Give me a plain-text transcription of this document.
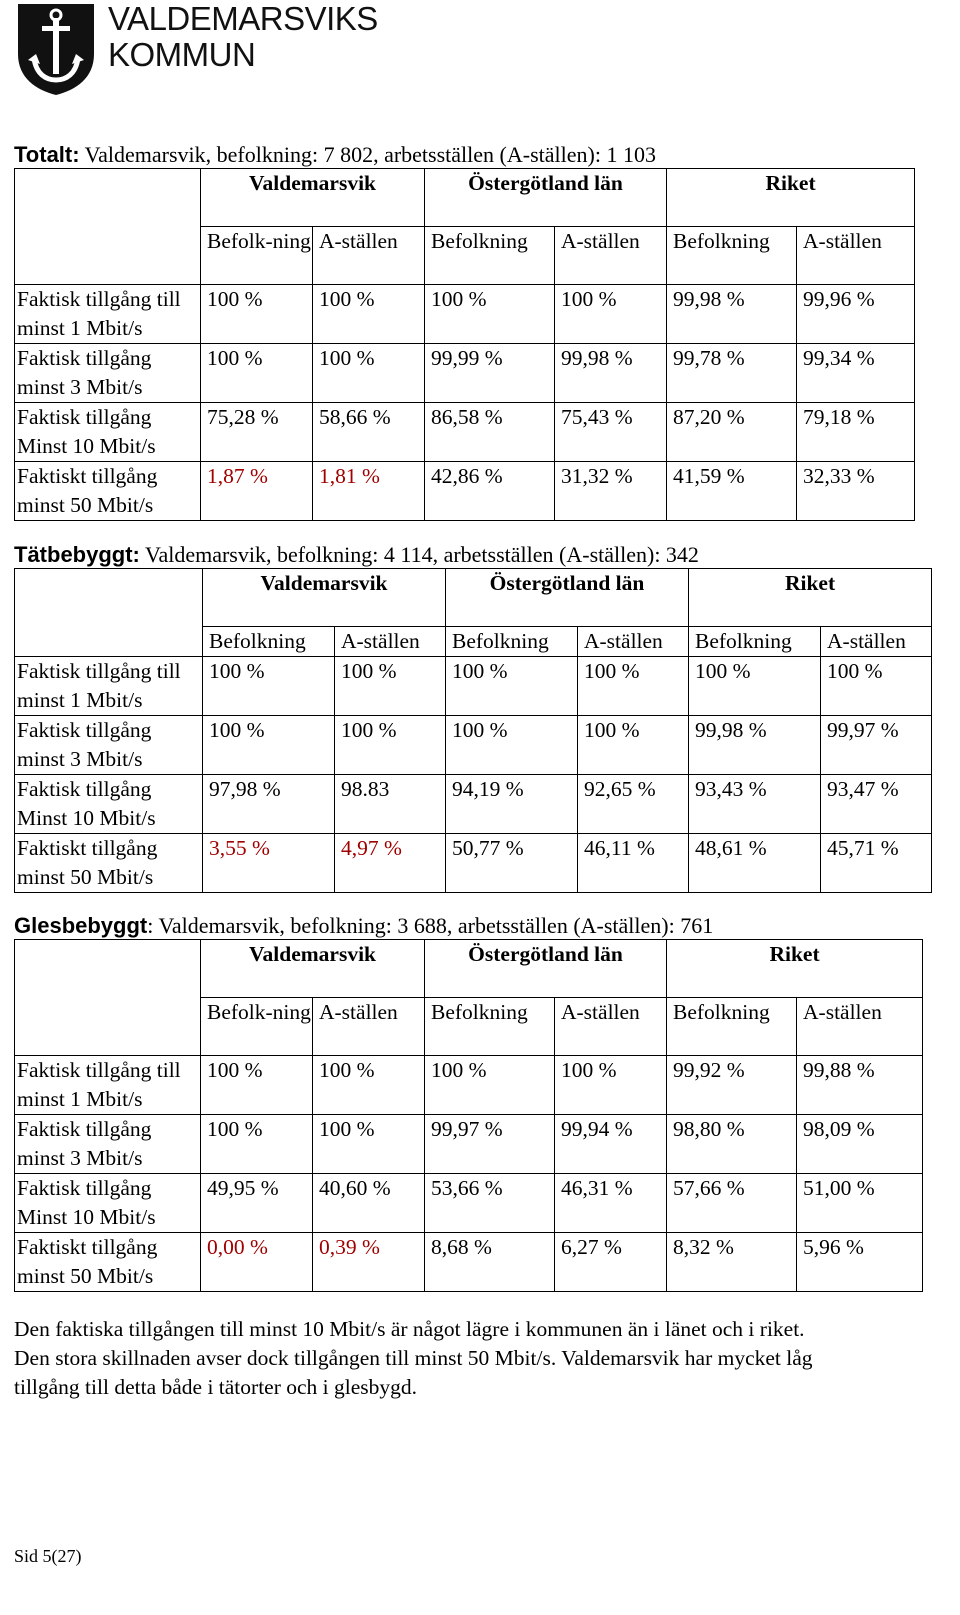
VALDEMARSVIKS
KOMMUN
Totalt: Valdemarsvik, befolkning: 7 802, arbetsställen (A-ställen): 1 103
	Valdemarsvik		Östergötland län		Riket	
	Befolk-ning	A-ställen	Befolkning	A-ställen	Befolkning	A-ställen
Faktisk tillgång till minst 1 Mbit/s	100 %	100 %	100 %	100 %	99,98 %	99,96 %
Faktisk tillgång minst 3 Mbit/s	100 %	100 %	99,99 %	99,98 %	99,78 %	99,34 %
Faktisk tillgång Minst 10 Mbit/s	75,28 %	58,66 %	86,58 %	75,43 %	87,20 %	79,18 %
Faktiskt tillgång minst 50 Mbit/s	1,87 %	1,81 %	42,86 %	31,32 %	41,59 %	32,33 %
Tätbebyggt: Valdemarsvik, befolkning: 4 114, arbetsställen (A-ställen): 342
	Valdemarsvik		Östergötland län		Riket	
	Befolkning	A-ställen	Befolkning	A-ställen	Befolkning	A-ställen
Faktisk tillgång till minst 1 Mbit/s	100 %	100 %	100 %	100 %	100 %	100 %
Faktisk tillgång minst 3 Mbit/s	100 %	100 %	100 %	100 %	99,98 %	99,97 %
Faktisk tillgång Minst 10 Mbit/s	97,98 %	98.83	94,19 %	92,65 %	93,43 %	93,47 %
Faktiskt tillgång minst 50 Mbit/s	3,55 %	4,97 %	50,77 %	46,11 %	48,61 %	45,71 %
Glesbebyggt: Valdemarsvik, befolkning: 3 688, arbetsställen (A-ställen): 761
	Valdemarsvik		Östergötland län		Riket	
	Befolk-ning	A-ställen	Befolkning	A-ställen	Befolkning	A-ställen
Faktisk tillgång till minst 1 Mbit/s	100 %	100 %	100 %	100 %	99,92 %	99,88 %
Faktisk tillgång minst 3 Mbit/s	100 %	100 %	99,97 %	99,94 %	98,80 %	98,09 %
Faktisk tillgång Minst 10 Mbit/s	49,95 %	40,60 %	53,66 %	46,31 %	57,66 %	51,00 %
Faktiskt tillgång minst 50 Mbit/s	0,00 %	0,39 %	8,68 %	6,27 %	8,32 %	5,96 %
Den faktiska tillgången till minst 10 Mbit/s är något lägre i kommunen än i länet och i riket.
Den stora skillnaden avser dock tillgången till minst 50 Mbit/s. Valdemarsvik har mycket låg
tillgång till detta både i tätorter och i glesbygd.
Sid 5(27)
